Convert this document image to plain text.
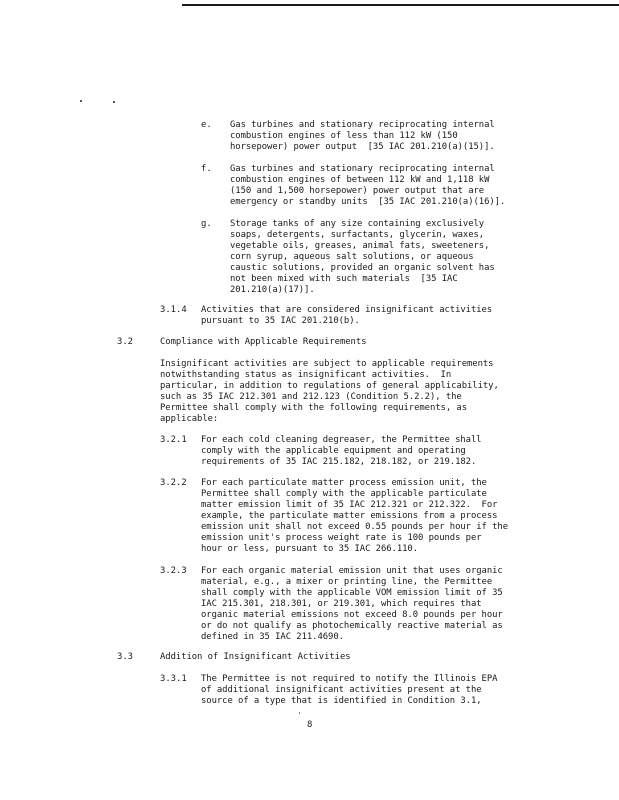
e. Gas turbines and stationary reciprocating internal
combustion engines of less than 112 kW (150
horsepower) power output  [35 IAC 201.210(a)(15)].
f. Gas turbines and stationary reciprocating internal
combustion engines of between 112 kW and 1,118 kW
(150 and 1,500 horsepower) power output that are
emergency or standby units  [35 IAC 201.210(a)(16)].
g. Storage tanks of any size containing exclusively
soaps, detergents, surfactants, glycerin, waxes,
vegetable oils, greases, animal fats, sweeteners,
corn syrup, aqueous salt solutions, or aqueous
caustic solutions, provided an organic solvent has
not been mixed with such materials  [35 IAC
201.210(a)(17)].
3.1.4 Activities that are considered insignificant activities
pursuant to 35 IAC 201.210(b).
3.2	Compliance with Applicable Requirements
Insignificant activities are subject to applicable requirements
notwithstanding status as insignificant activities.  In
particular, in addition to regulations of general applicability,
such as 35 IAC 212.301 and 212.123 (Condition 5.2.2), the
Permittee shall comply with the following requirements, as
applicable:
3.2.1 For each cold cleaning degreaser, the Permittee shall
comply with the applicable equipment and operating
requirements of 35 IAC 215.182, 218.182, or 219.182.
3.2.2 For each particulate matter process emission unit, the
Permittee shall comply with the applicable particulate
matter emission limit of 35 IAC 212.321 or 212.322.  For
example, the particulate matter emissions from a process
emission unit shall not exceed 0.55 pounds per hour if the
emission unit's process weight rate is 100 pounds per
hour or less, pursuant to 35 IAC 266.110.
3.2.3 For each organic material emission unit that uses organic
material, e.g., a mixer or printing line, the Permittee
shall comply with the applicable VOM emission limit of 35
IAC 215.301, 218.301, or 219.301, which requires that
organic material emissions not exceed 8.0 pounds per hour
or do not qualify as photochemically reactive material as
defined in 35 IAC 211.4690.
3.3	Addition of Insignificant Activities
3.3.1 The Permittee is not required to notify the Illinois EPA
of additional insignificant activities present at the
source of a type that is identified in Condition 3.1,
8
